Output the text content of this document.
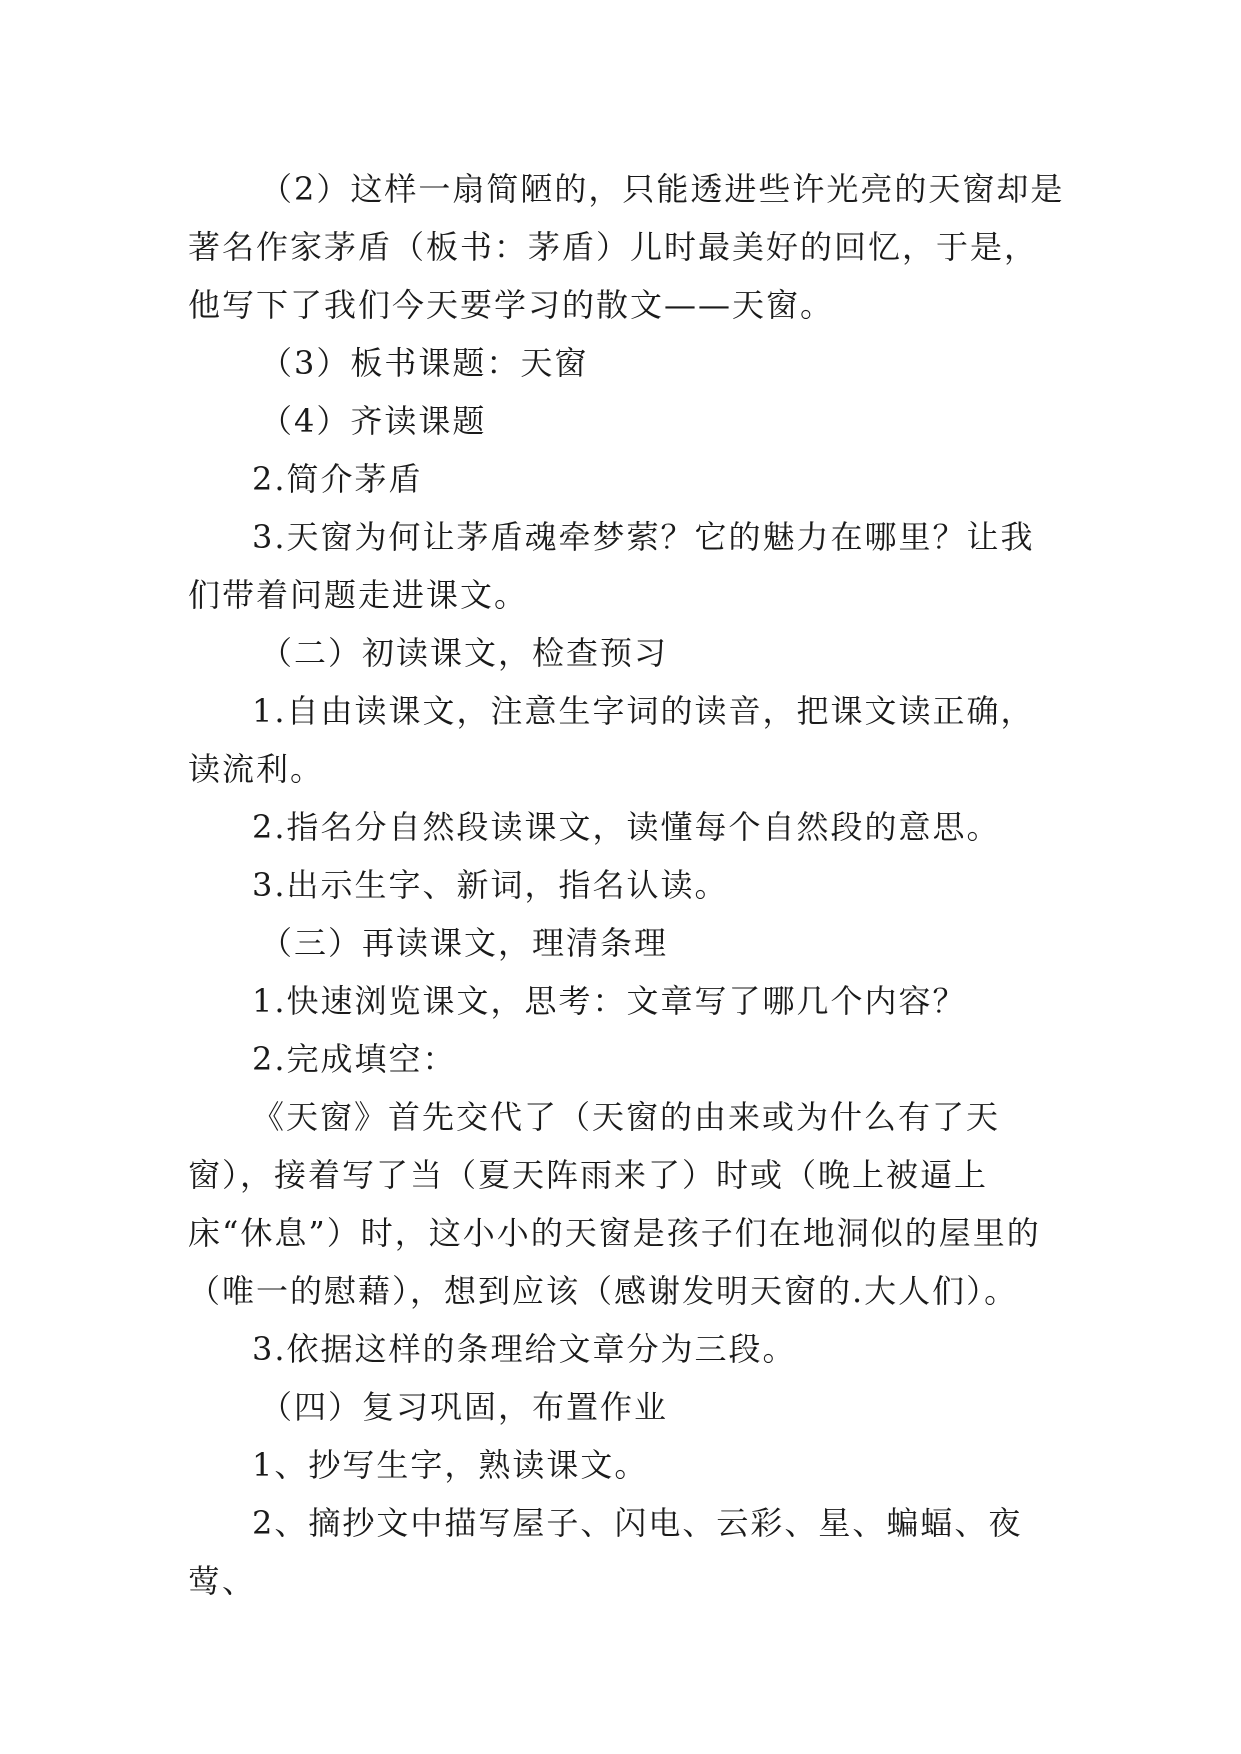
（2）这样一扇简陋的，只能透进些许光亮的天窗却是著名作家茅盾（板书：茅盾）儿时最美好的回忆，于是，他写下了我们今天要学习的散文——天窗。

（3）板书课题：天窗

（4）齐读课题

2.简介茅盾

3.天窗为何让茅盾魂牵梦萦？它的魅力在哪里？让我们带着问题走进课文。

（二）初读课文，检查预习

1.自由读课文，注意生字词的读音，把课文读正确，读流利。

2.指名分自然段读课文，读懂每个自然段的意思。

3.出示生字、新词，指名认读。

（三）再读课文，理清条理

1.快速浏览课文，思考：文章写了哪几个内容？

2.完成填空：

《天窗》首先交代了（天窗的由来或为什么有了天窗），接着写了当（夏天阵雨来了）时或（晚上被逼上床“休息”）时，这小小的天窗是孩子们在地洞似的屋里的（唯一的慰藉），想到应该（感谢发明天窗的.大人们）。

3.依据这样的条理给文章分为三段。

（四）复习巩固，布置作业

1、抄写生字，熟读课文。

2、摘抄文中描写屋子、闪电、云彩、星、蝙蝠、夜莺、
